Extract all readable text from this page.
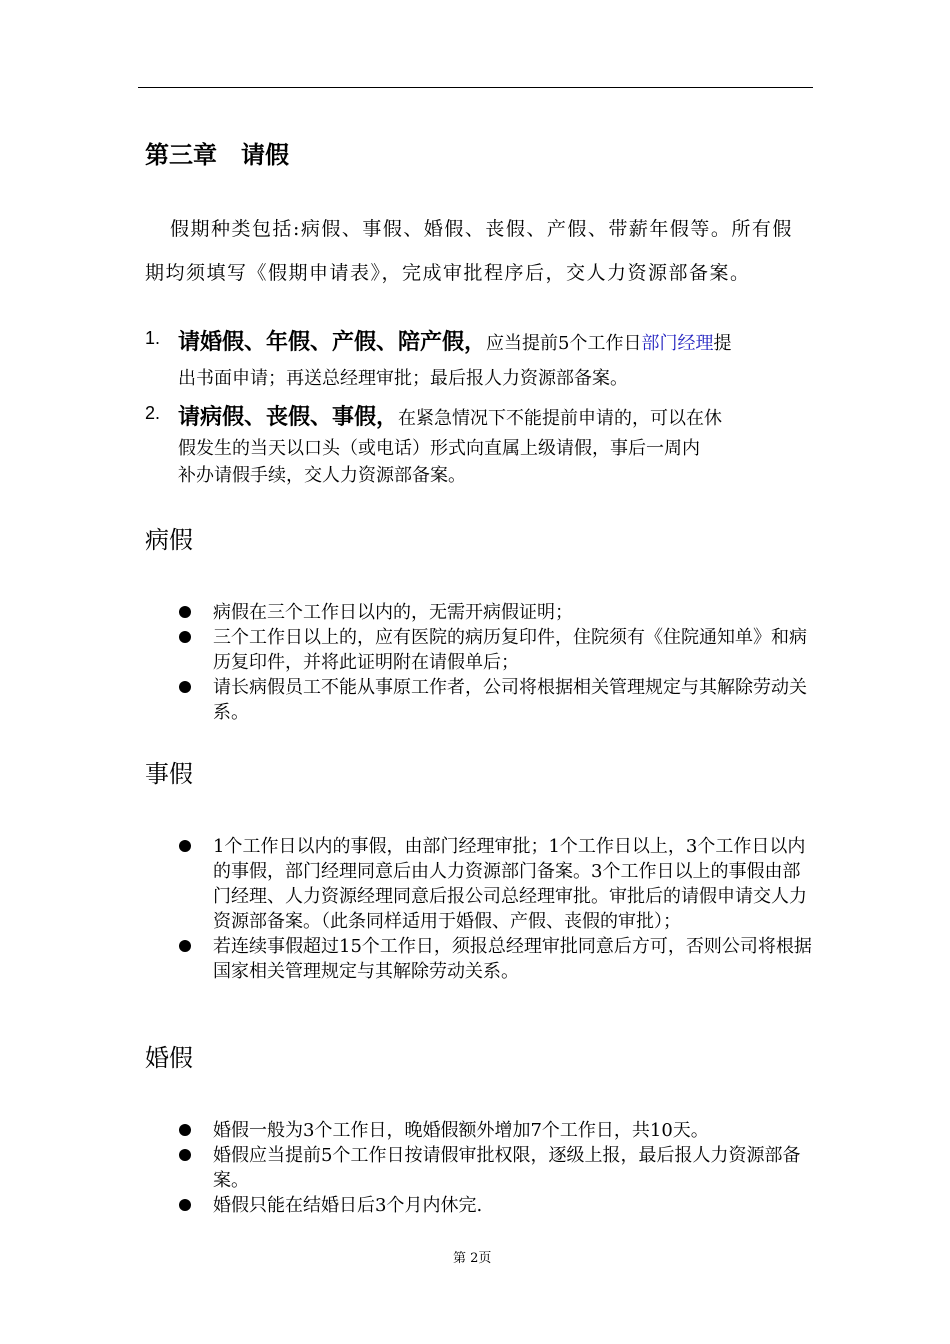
第三章　请假
假期种类包括:病假、事假、婚假、丧假、产假、带薪年假等。所有假
期均须填写《假期申请表》，完成审批程序后，交人力资源部备案。
1. 请婚假、年假、产假、陪产假，应当提前5个工作日部门经理提
出书面申请；再送总经理审批；最后报人力资源部备案。
2. 请病假、丧假、事假，在紧急情况下不能提前申请的，可以在休
假发生的当天以口头（或电话）形式向直属上级请假，事后一周内
补办请假手续，交人力资源部备案。
病假
病假在三个工作日以内的，无需开病假证明；
三个工作日以上的，应有医院的病历复印件，住院须有《住院通知单》和病历复印件，并将此证明附在请假单后；
请长病假员工不能从事原工作者，公司将根据相关管理规定与其解除劳动关系。
事假
1个工作日以内的事假，由部门经理审批；1个工作日以上，3个工作日以内的事假，部门经理同意后由人力资源部门备案。3个工作日以上的事假由部门经理、人力资源经理同意后报公司总经理审批。审批后的请假申请交人力资源部备案。（此条同样适用于婚假、产假、丧假的审批）；
若连续事假超过15个工作日，须报总经理审批同意后方可，否则公司将根据国家相关管理规定与其解除劳动关系。
婚假
婚假一般为3个工作日，晚婚假额外增加7个工作日，共10天。
婚假应当提前5个工作日按请假审批权限，逐级上报，最后报人力资源部备案。
婚假只能在结婚日后3个月内休完.
第 2页
